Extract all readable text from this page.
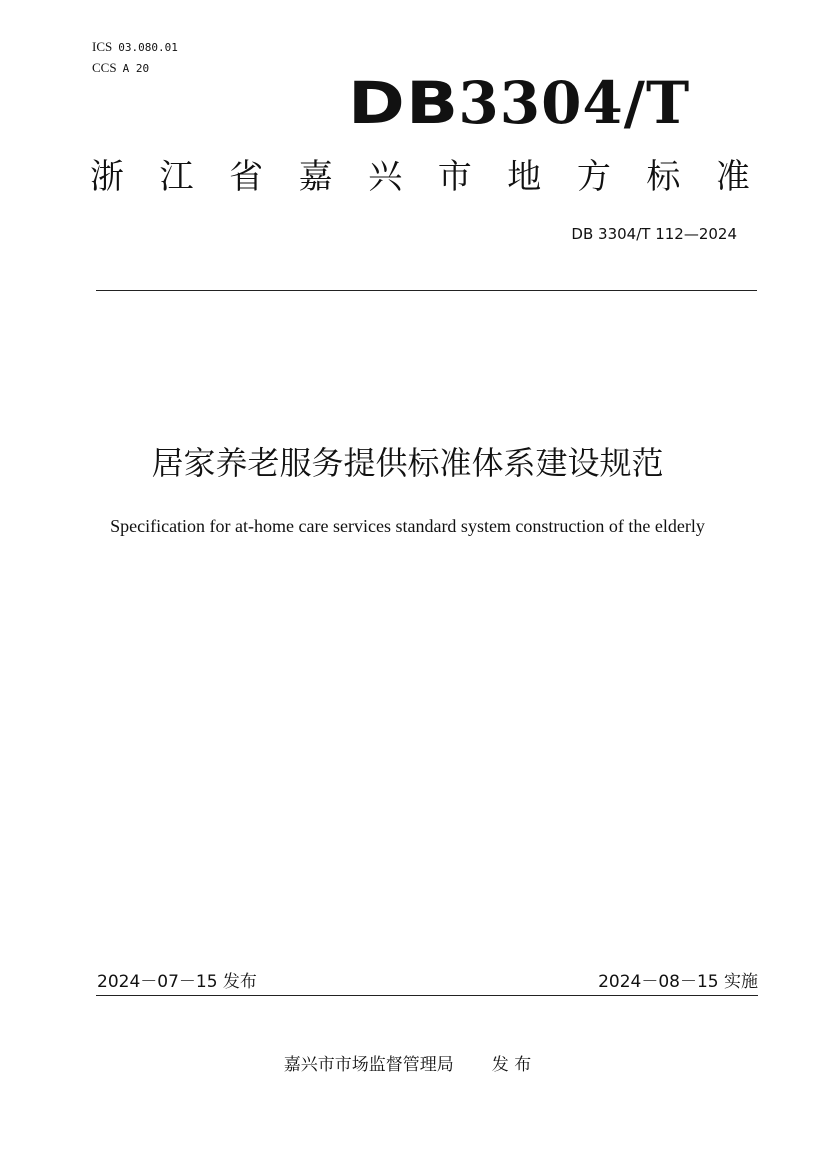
ICS 03.080.01
CCS A 20
DB3304/T
浙 江 省 嘉 兴 市 地 方 标 准
DB 3304/T 112—2024
居家养老服务提供标准体系建设规范
Specification for at-home care services standard system construction of the elderly
2024－07－15 发布	2024－08－15 实施
嘉兴市市场监督管理局 发 布
